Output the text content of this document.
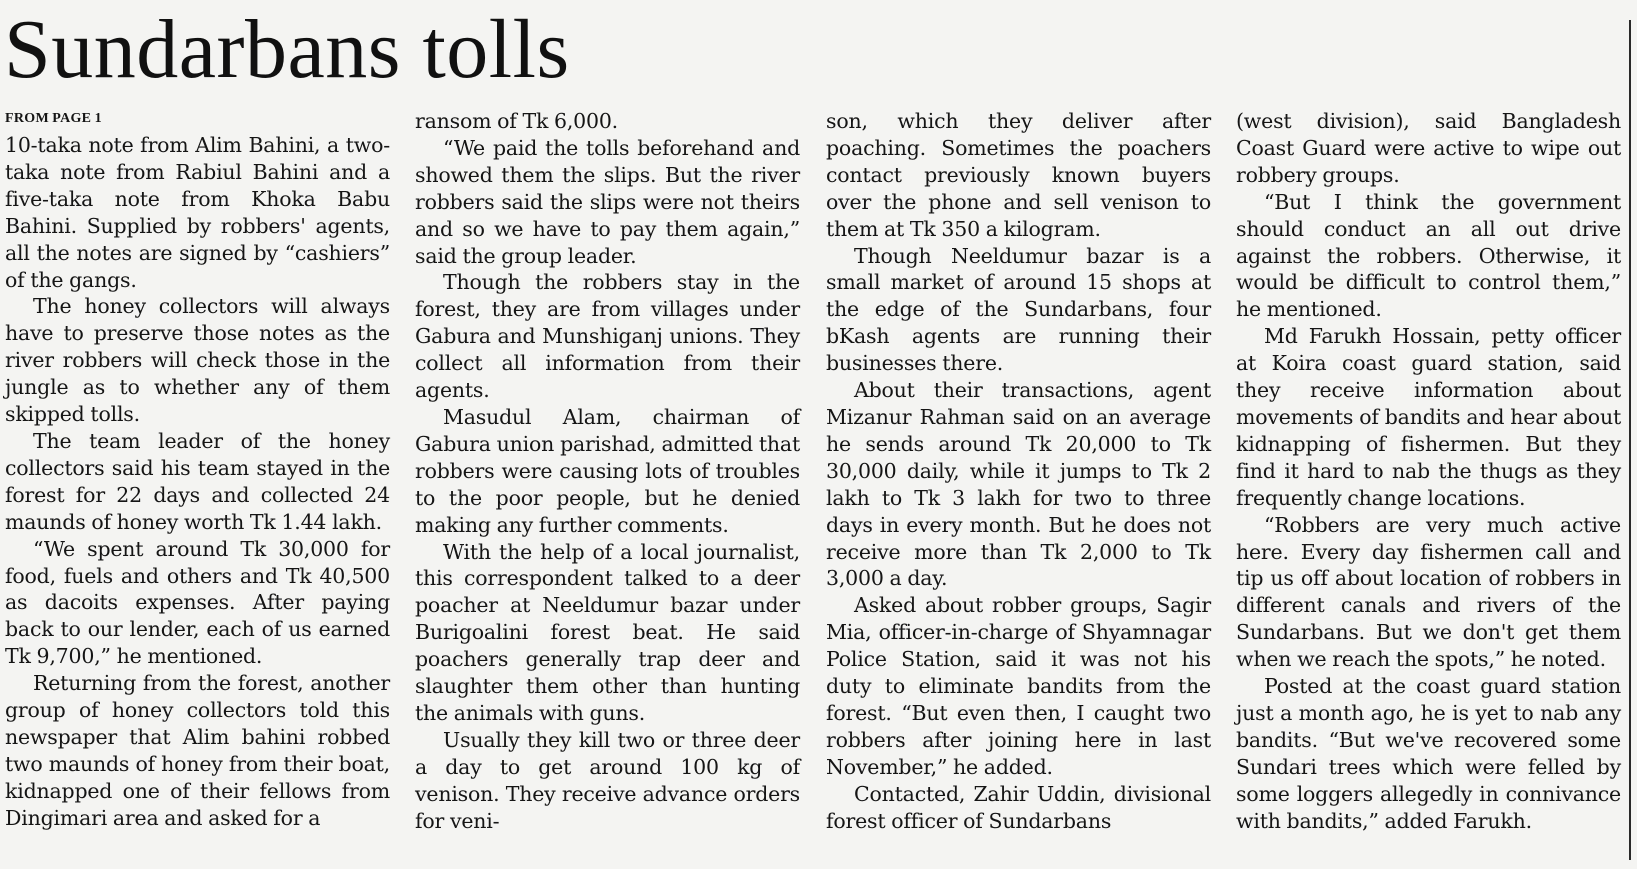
Sundarbans tolls
FROM PAGE 1

10-taka note from Alim Bahini, a two-taka note from Rabiul Bahini and a five-taka note from Khoka Babu Bahini. Supplied by robbers' agents, all the notes are signed by “cashiers” of the gangs.

The honey collectors will always have to preserve those notes as the river robbers will check those in the jungle as to whether any of them skipped tolls.

The team leader of the honey collectors said his team stayed in the forest for 22 days and collected 24 maunds of honey worth Tk 1.44 lakh.

“We spent around Tk 30,000 for food, fuels and others and Tk 40,500 as dacoits expenses. After paying back to our lender, each of us earned Tk 9,700,” he mentioned.

Returning from the forest, another group of honey collectors told this newspaper that Alim bahini robbed two maunds of honey from their boat, kidnapped one of their fellows from Dingimari area and asked for a

ransom of Tk 6,000.

“We paid the tolls beforehand and showed them the slips. But the river robbers said the slips were not theirs and so we have to pay them again,” said the group leader.

Though the robbers stay in the forest, they are from villages under Gabura and Munshiganj unions. They collect all information from their agents.

Masudul Alam, chairman of Gabura union parishad, admitted that robbers were causing lots of troubles to the poor people, but he denied making any further comments.

With the help of a local journalist, this correspondent talked to a deer poacher at Neeldumur bazar under Burigoalini forest beat. He said poachers generally trap deer and slaughter them other than hunting the animals with guns.

Usually they kill two or three deer a day to get around 100 kg of venison. They receive advance orders for veni-

son, which they deliver after poaching. Sometimes the poachers contact previously known buyers over the phone and sell venison to them at Tk 350 a kilogram.

Though Neeldumur bazar is a small market of around 15 shops at the edge of the Sundarbans, four bKash agents are running their businesses there.

About their transactions, agent Mizanur Rahman said on an average he sends around Tk 20,000 to Tk 30,000 daily, while it jumps to Tk 2 lakh to Tk 3 lakh for two to three days in every month. But he does not receive more than Tk 2,000 to Tk 3,000 a day.

Asked about robber groups, Sagir Mia, officer-in-charge of Shyamnagar Police Station, said it was not his duty to eliminate bandits from the forest. “But even then, I caught two robbers after joining here in last November,” he added.

Contacted, Zahir Uddin, divisional forest officer of Sundarbans

(west division), said Bangladesh Coast Guard were active to wipe out robbery groups.

“But I think the government should conduct an all out drive against the robbers. Otherwise, it would be difficult to control them,” he mentioned.

Md Farukh Hossain, petty officer at Koira coast guard station, said they receive information about movements of bandits and hear about kidnapping of fishermen. But they find it hard to nab the thugs as they frequently change locations.

“Robbers are very much active here. Every day fishermen call and tip us off about location of robbers in different canals and rivers of the Sundarbans. But we don't get them when we reach the spots,” he noted.

Posted at the coast guard station just a month ago, he is yet to nab any bandits. “But we've recovered some Sundari trees which were felled by some loggers allegedly in connivance with bandits,” added Farukh.
